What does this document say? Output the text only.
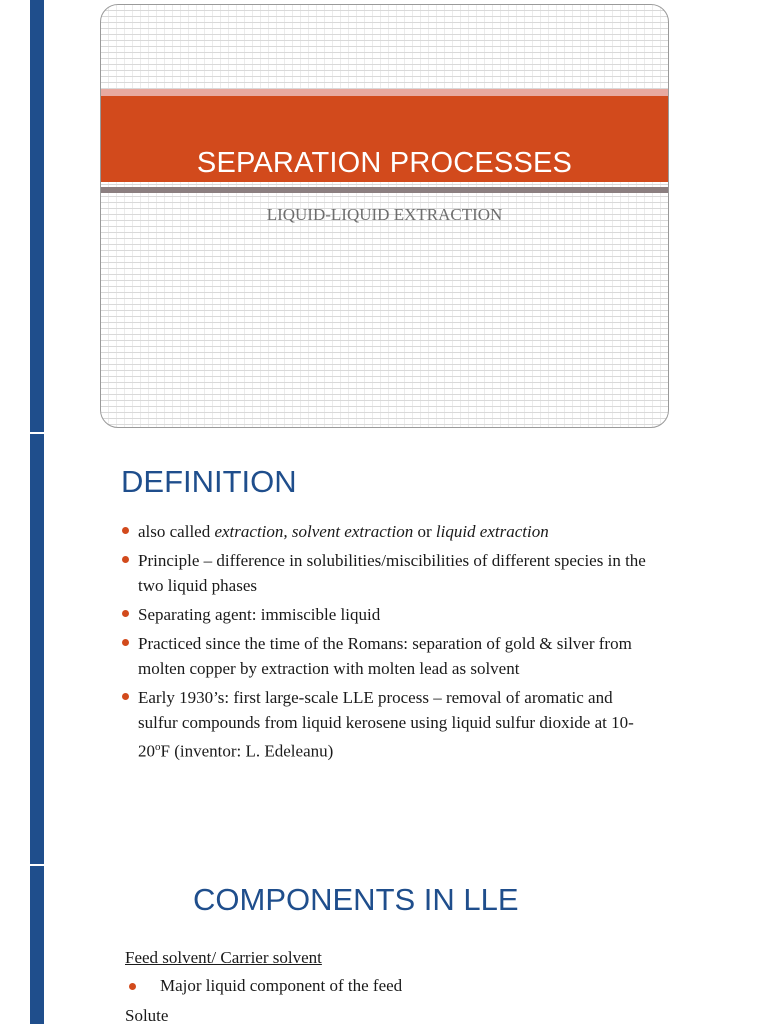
SEPARATION PROCESSES
LIQUID-LIQUID EXTRACTION
DEFINITION
also called extraction, solvent extraction or liquid extraction
Principle – difference in solubilities/miscibilities of different species in the two liquid phases
Separating agent: immiscible liquid
Practiced since the time of the Romans: separation of gold & silver from molten copper by extraction with molten lead as solvent
Early 1930’s: first large-scale LLE process – removal of aromatic and sulfur compounds from liquid kerosene using liquid sulfur dioxide at 10-20$^o$F (inventor: L. Edeleanu)
COMPONENTS IN LLE
Feed solvent/ Carrier solvent
Major liquid component of the feed
Solute
